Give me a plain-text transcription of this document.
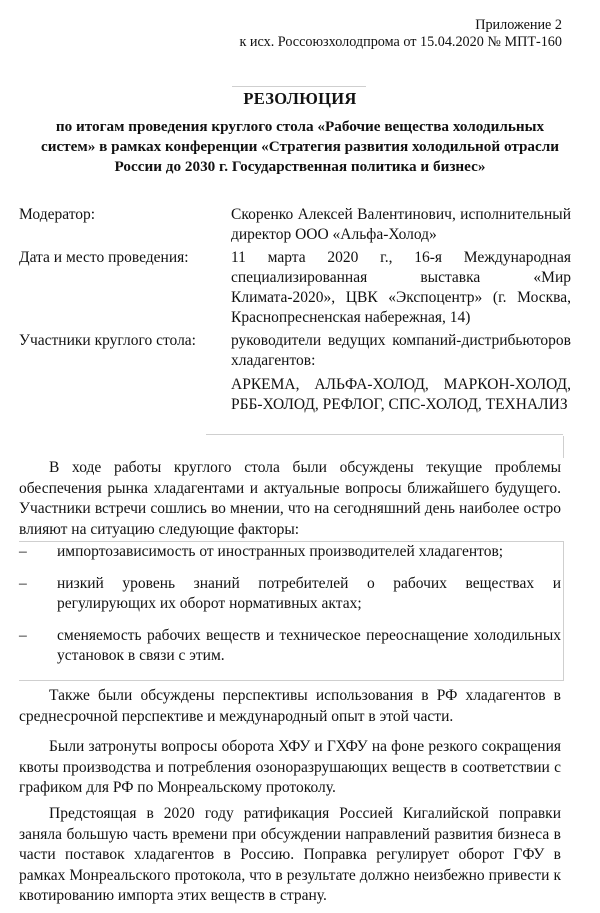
Приложение 2
к исх. Россоюзхолодпрома от 15.04.2020 № МПТ-160
РЕЗОЛЮЦИЯ
по итогам проведения круглого стола «Рабочие вещества холодильных систем» в рамках конференции «Стратегия развития холодильной отрасли России до 2030 г. Государственная политика и бизнес»
Модератор:	Скоренко Алексей Валентинович, исполнительный директор ООО «Альфа-Холод»
Дата и место проведения:	11 марта 2020 г., 16-я Международная специализированная выставка «Мир Климата-2020», ЦВК «Экспоцентр» (г. Москва, Краснопресненская набережная, 14)
Участники круглого стола: руководители ведущих компаний-дистрибьюторов хладагентов:
АРКЕМА, АЛЬФА-ХОЛОД, МАРКОН-ХОЛОД, РББ-ХОЛОД, РЕФЛОГ, СПС-ХОЛОД, ТЕХНАЛИЗ
В ходе работы круглого стола были обсуждены текущие проблемы обеспечения рынка хладагентами и актуальные вопросы ближайшего будущего. Участники встречи сошлись во мнении, что на сегодняшний день наиболее остро влияют на ситуацию следующие факторы:
– импортозависимость от иностранных производителей хладагентов;
– низкий уровень знаний потребителей о рабочих веществах и регулирующих их оборот нормативных актах;
– сменяемость рабочих веществ и техническое переоснащение холодильных установок в связи с этим.
Также были обсуждены перспективы использования в РФ хладагентов в среднесрочной перспективе и международный опыт в этой части.
Были затронуты вопросы оборота ХФУ и ГХФУ на фоне резкого сокращения квоты производства и потребления озоноразрушающих веществ в соответствии с графиком для РФ по Монреальскому протоколу.
Предстоящая в 2020 году ратификация Россией Кигалийской поправки заняла большую часть времени при обсуждении направлений развития бизнеса в части поставок хладагентов в Россию. Поправка регулирует оборот ГФУ в рамках Монреальского протокола, что в результате должно неизбежно привести к квотированию импорта этих веществ в страну.
